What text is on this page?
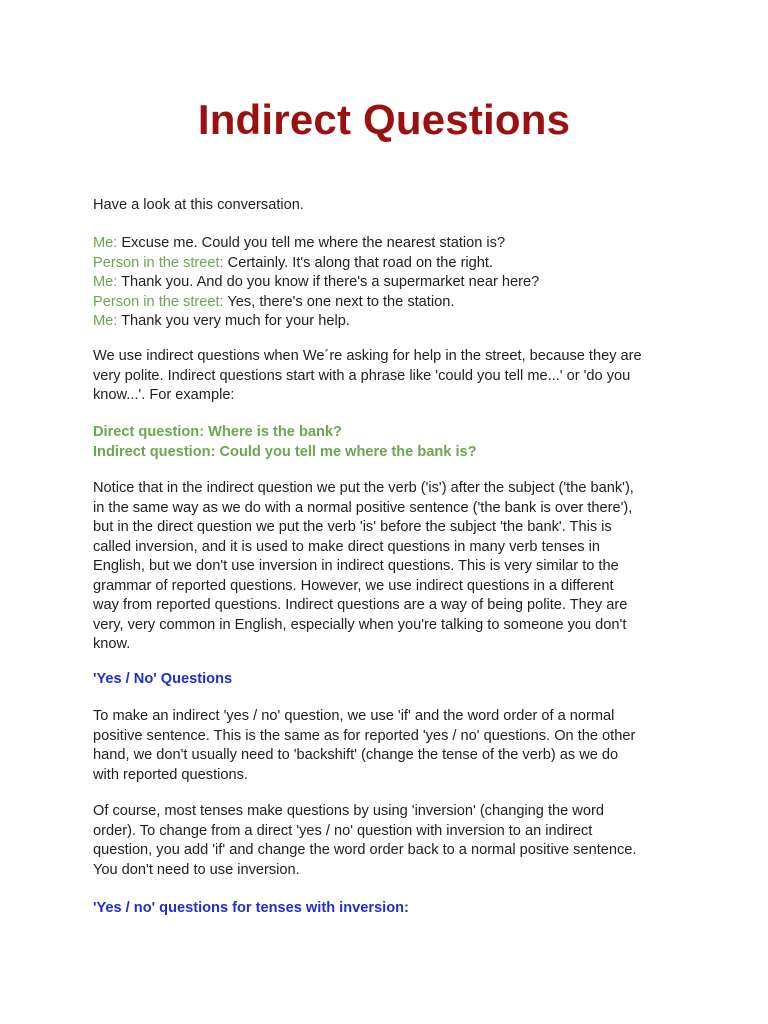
Indirect Questions

Have a look at this conversation.

Me: Excuse me. Could you tell me where the nearest station is?
Person in the street: Certainly. It's along that road on the right.
Me: Thank you. And do you know if there's a supermarket near here?
Person in the street: Yes, there's one next to the station.
Me: Thank you very much for your help.
We use indirect questions when We´re asking for help in the street, because they are
very polite. Indirect questions start with a phrase like 'could you tell me...' or 'do you
know...'. For example:
Direct question: Where is the bank?
Indirect question: Could you tell me where the bank is?
Notice that in the indirect question we put the verb ('is') after the subject ('the bank'),
in the same way as we do with a normal positive sentence ('the bank is over there'),
but in the direct question we put the verb 'is' before the subject 'the bank'. This is
called inversion, and it is used to make direct questions in many verb tenses in
English, but we don't use inversion in indirect questions. This is very similar to the
grammar of reported questions. However, we use indirect questions in a different
way from reported questions. Indirect questions are a way of being polite. They are
very, very common in English, especially when you're talking to someone you don't
know.

'Yes / No' Questions

To make an indirect 'yes / no' question, we use 'if' and the word order of a normal
positive sentence. This is the same as for reported 'yes / no' questions. On the other
hand, we don't usually need to 'backshift' (change the tense of the verb) as we do
with reported questions.
Of course, most tenses make questions by using 'inversion' (changing the word
order). To change from a direct 'yes / no' question with inversion to an indirect
question, you add 'if' and change the word order back to a normal positive sentence.
You don't need to use inversion.

'Yes / no' questions for tenses with inversion:
